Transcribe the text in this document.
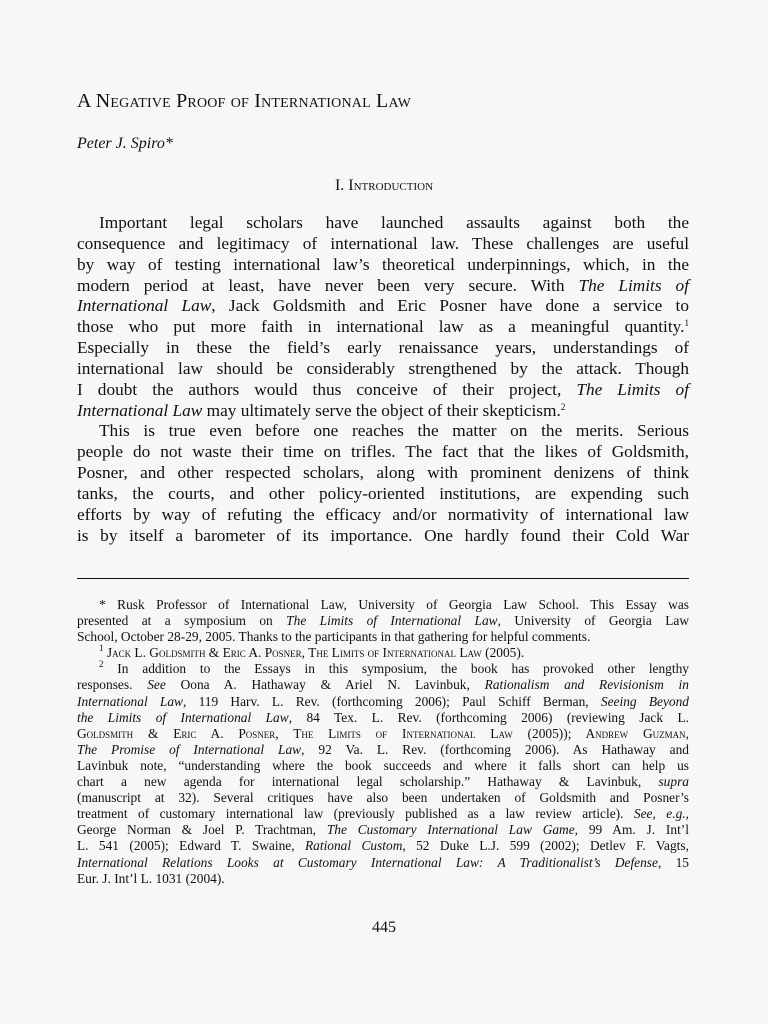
A Negative Proof of International Law
Peter J. Spiro*
I. Introduction
Important legal scholars have launched assaults against both the
consequence and legitimacy of international law. These challenges are useful
by way of testing international law’s theoretical underpinnings, which, in the
modern period at least, have never been very secure. With The Limits of
International Law, Jack Goldsmith and Eric Posner have done a service to
those who put more faith in international law as a meaningful quantity.$^1$
Especially in these the field’s early renaissance years, understandings of
international law should be considerably strengthened by the attack. Though
I doubt the authors would thus conceive of their project, The Limits of
International Law may ultimately serve the object of their skepticism.$^2$
This is true even before one reaches the matter on the merits. Serious
people do not waste their time on trifles. The fact that the likes of Goldsmith,
Posner, and other respected scholars, along with prominent denizens of think
tanks, the courts, and other policy-oriented institutions, are expending such
efforts by way of refuting the efficacy and/or normativity of international law
is by itself a barometer of its importance. One hardly found their Cold War
* Rusk Professor of International Law, University of Georgia Law School. This Essay was
presented at a symposium on The Limits of International Law, University of Georgia Law
School, October 28-29, 2005. Thanks to the participants in that gathering for helpful comments.
$^1$ Jack L. Goldsmith & Eric A. Posner, The Limits of International Law (2005).
$^2$ In addition to the Essays in this symposium, the book has provoked other lengthy
responses. See Oona A. Hathaway & Ariel N. Lavinbuk, Rationalism and Revisionism in
International Law, 119 Harv. L. Rev. (forthcoming 2006); Paul Schiff Berman, Seeing Beyond
the Limits of International Law, 84 Tex. L. Rev. (forthcoming 2006) (reviewing Jack L.
Goldsmith & Eric A. Posner, The Limits of International Law (2005)); Andrew Guzman,
The Promise of International Law, 92 Va. L. Rev. (forthcoming 2006). As Hathaway and
Lavinbuk note, “understanding where the book succeeds and where it falls short can help us
chart a new agenda for international legal scholarship.” Hathaway & Lavinbuk, supra
(manuscript at 32). Several critiques have also been undertaken of Goldsmith and Posner’s
treatment of customary international law (previously published as a law review article). See, e.g.,
George Norman & Joel P. Trachtman, The Customary International Law Game, 99 Am. J. Int’l
L. 541 (2005); Edward T. Swaine, Rational Custom, 52 Duke L.J. 599 (2002); Detlev F. Vagts,
International Relations Looks at Customary International Law: A Traditionalist’s Defense, 15
Eur. J. Int’l L. 1031 (2004).
445
